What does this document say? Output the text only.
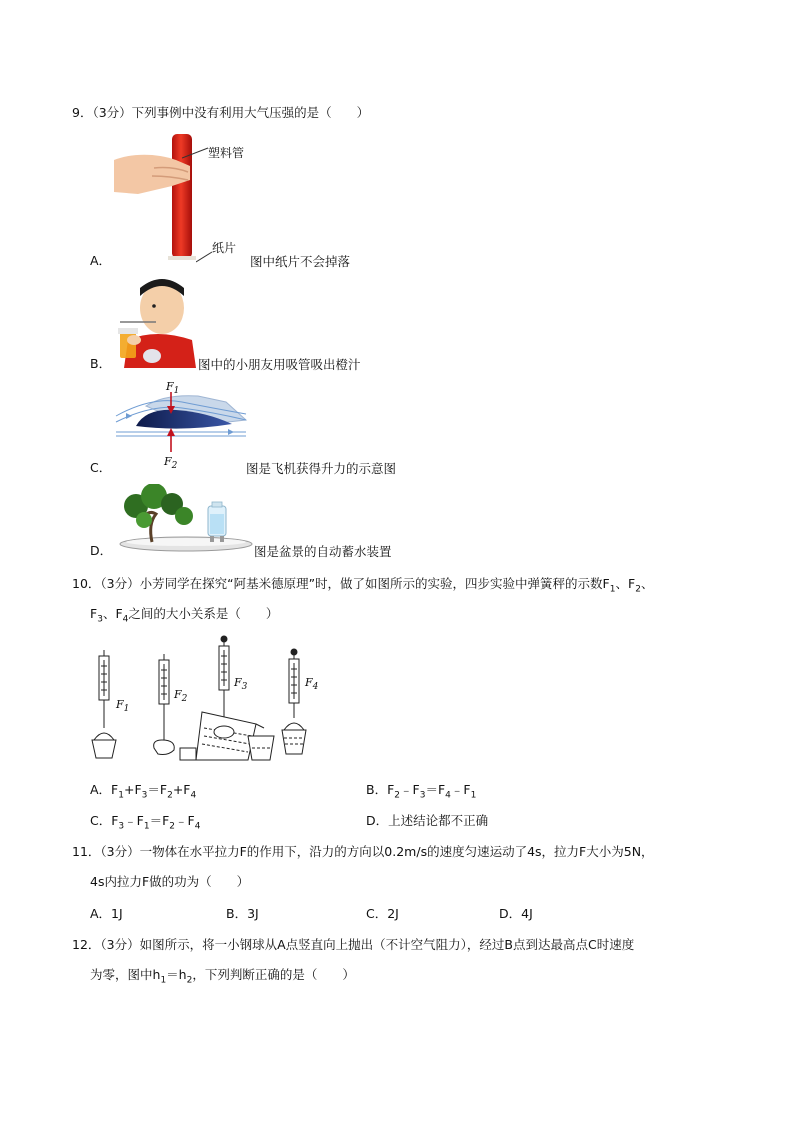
9．（3分）下列事例中没有利用大气压强的是（　　）
塑料管
纸片
A．	图中纸片不会掉落
B．	图中的小朋友用吸管吸出橙汁
$F_1$
$F_2$
C．	图是飞机获得升力的示意图
D．	图是盆景的自动蓄水装置
10．（3分）小芳同学在探究“阿基米德原理”时，做了如图所示的实验，四步实验中弹簧秤的示数$F_1$、$F_2$、
$F_3$、$F_4$之间的大小关系是（　　）
$F_1$
$F_2$
$F_3$	$F_4$
A．$F_1+F_3=F_2+F_4$	B．$F_2﹣F_3=F_4﹣F_1$
C．$F_3﹣F_1=F_2﹣F_4$	D．上述结论都不正确
11．（3分）一物体在水平拉力F的作用下，沿力的方向以0.2m/s的速度匀速运动了4s，拉力F大小为5N，
4s内拉力F做的功为（　　）
A．1J	B．3J	C．2J	D．4J
12．（3分）如图所示，将一小钢球从A点竖直向上抛出（不计空气阻力），经过B点到达最高点C时速度
为零，图中$h_1=h_2$，下列判断正确的是（　　）
